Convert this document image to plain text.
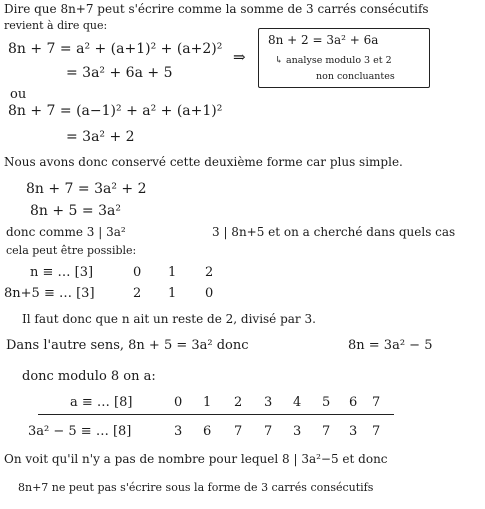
Dire que 8n+7 peut s'écrire comme la somme de 3 carrés consécutifs
revient à dire que:
8n + 7 = a² + (a+1)² + (a+2)²
= 3a² + 6a + 5
⇒
8n + 2 = 3a² + 6a
↳ analyse modulo 3 et 2
non concluantes
ou
8n + 7 = (a−1)² + a² + (a+1)²
= 3a² + 2
Nous avons donc conservé cette deuxième forme car plus simple.
8n + 7 = 3a² + 2
8n + 5 = 3a²
donc comme 3 | 3a²	3 | 8n+5 et on a cherché dans quels cas
cela peut être possible:
n ≡ … [3]	0 1 2
8n+5 ≡ … [3]	2 1 0
Il faut donc que n ait un reste de 2, divisé par 3.
Dans l'autre sens, 8n + 5 = 3a² donc	8n = 3a² − 5
donc modulo 8 on a:
a ≡ … [8]	0 1 2 3 4 5 6 7
3a² − 5 ≡ … [8]	3 6 7 7 3 7 3 7
On voit qu'il n'y a pas de nombre pour lequel 8 | 3a²−5 et donc
8n+7 ne peut pas s'écrire sous la forme de 3 carrés consécutifs
